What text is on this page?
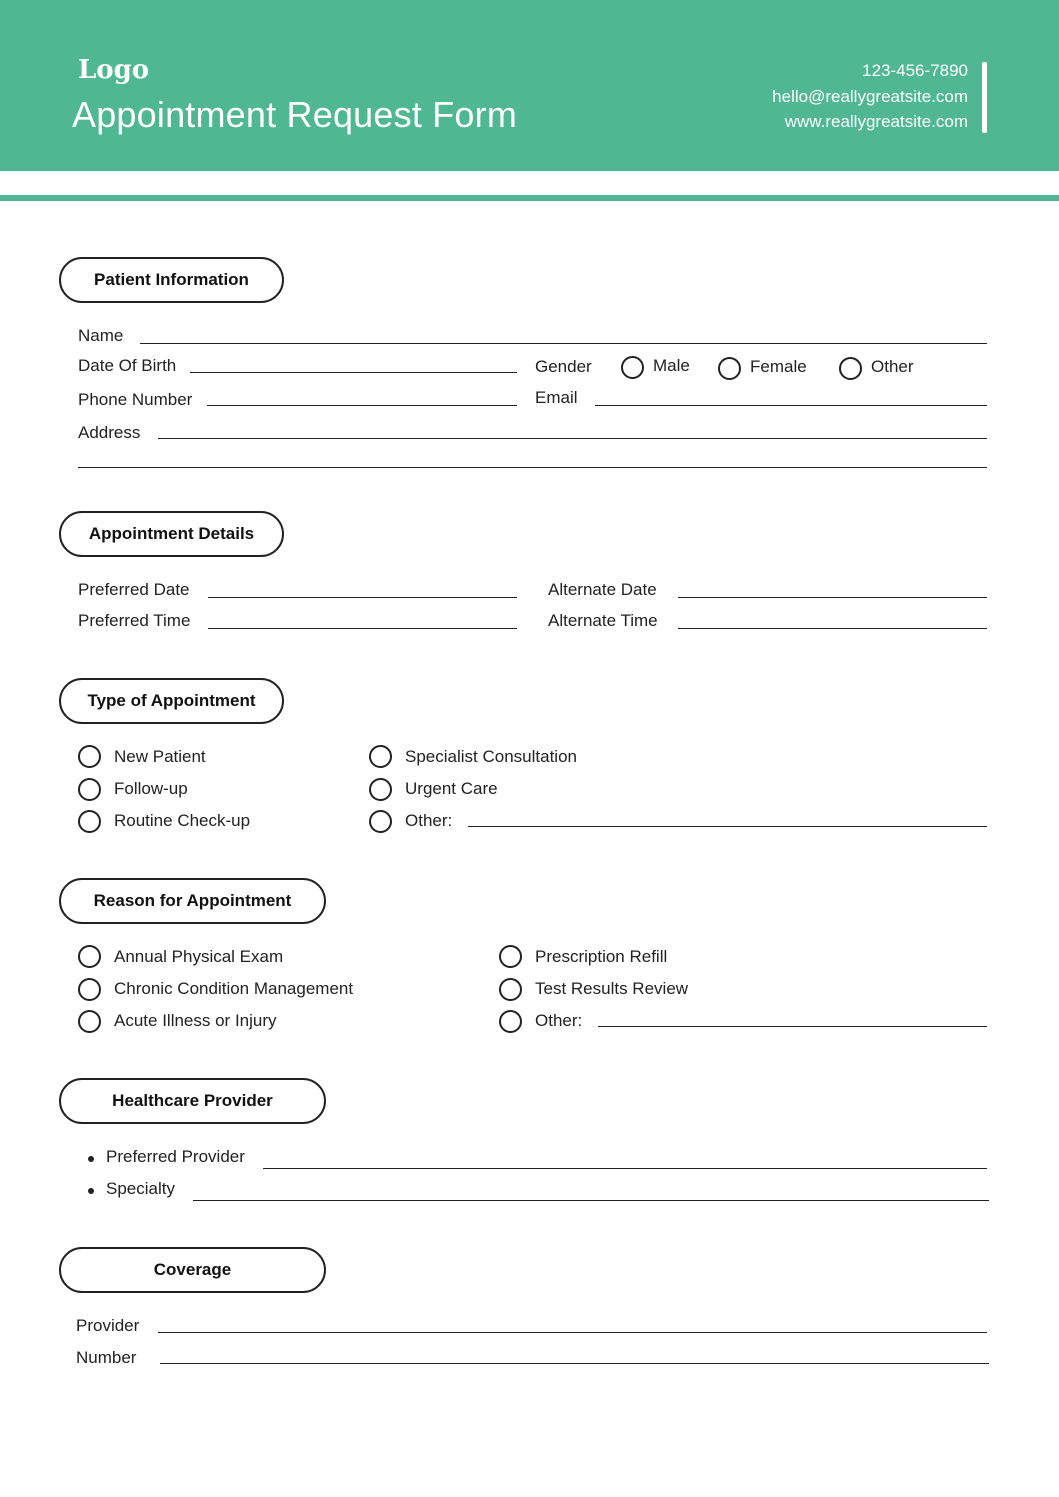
Logo
Appointment Request Form
123-456-7890
hello@reallygreatsite.com
www.reallygreatsite.com
Patient Information
Name
Date Of Birth	Gender	Male	Female	Other
Phone Number	Email
Address
Appointment Details
Preferred Date	Alternate Date
Preferred Time	Alternate Time
Type of Appointment
New Patient
Follow-up
Routine Check-up
Specialist Consultation
Urgent Care
Other:
Reason for Appointment
Annual Physical Exam
Chronic Condition Management
Acute Illness or Injury
Prescription Refill
Test Results Review
Other:
Healthcare Provider
Preferred Provider
Specialty
Coverage
Provider
Number
